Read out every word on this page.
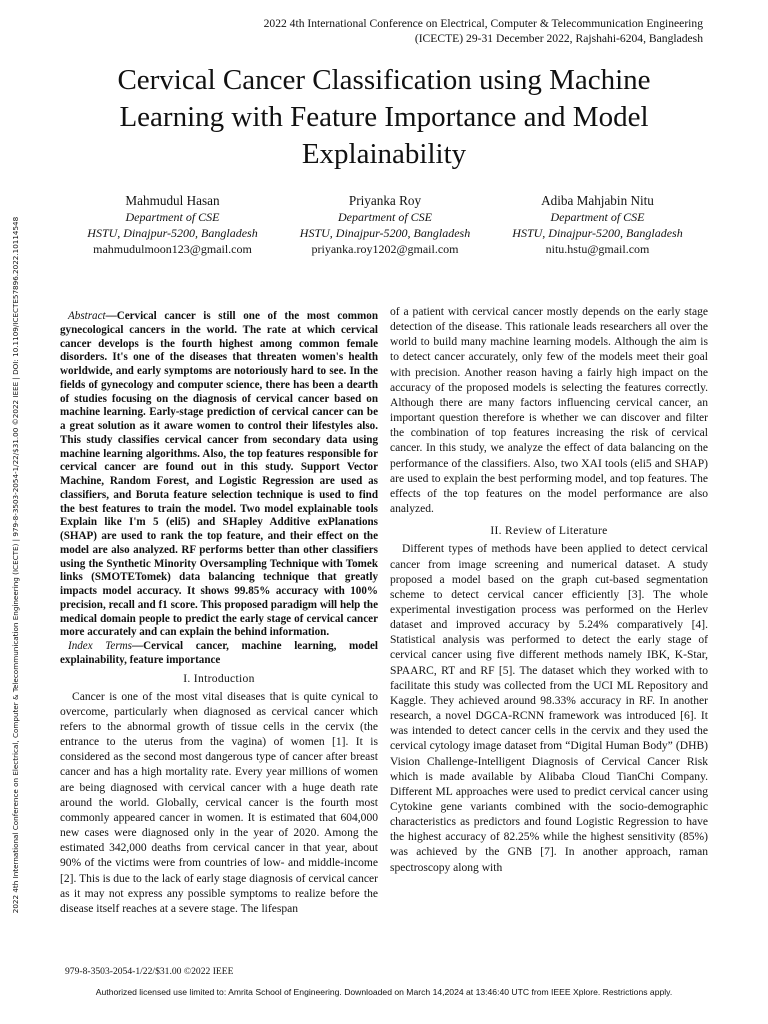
2022 4th International Conference on Electrical, Computer & Telecommunication Engineering
(ICECTE) 29-31 December 2022, Rajshahi-6204, Bangladesh
Cervical Cancer Classification using Machine Learning with Feature Importance and Model Explainability
Mahmudul Hasan
Department of CSE
HSTU, Dinajpur-5200, Bangladesh
mahmudulmoon123@gmail.com
Priyanka Roy
Department of CSE
HSTU, Dinajpur-5200, Bangladesh
priyanka.roy1202@gmail.com
Adiba Mahjabin Nitu
Department of CSE
HSTU, Dinajpur-5200, Bangladesh
nitu.hstu@gmail.com
2022 4th International Conference on Electrical, Computer & Telecommunication Engineering (ICECTE) | 979-8-3503-2054-1/22/$31.00 ©2022 IEEE | DOI: 10.1109/ICECTE57896.2022.10114548	Abstract—Cervical cancer is still one of the most common gynecological cancers in the world. The rate at which cervical cancer develops is the fourth highest among common female disorders. It's one of the diseases that threaten women's health worldwide, and early symptoms are notoriously hard to see. In the fields of gynecology and computer science, there has been a dearth of studies focusing on the diagnosis of cervical cancer based on machine learning. Early-stage prediction of cervical cancer can be a great solution as it aware women to control their lifestyles also. This study classifies cervical cancer from secondary data using machine learning algorithms. Also, the top features responsible for cervical cancer are found out in this study. Support Vector Machine, Random Forest, and Logistic Regression are used as classifiers, and Boruta feature selection technique is used to find the best features to train the model. Two model explainable tools Explain like I'm 5 (eli5) and SHapley Additive exPlanations (SHAP) are used to rank the top feature, and their effect on the model are also analyzed. RF performs better than other classifiers using the Synthetic Minority Oversampling Technique with Tomek links (SMOTETomek) data balancing technique that greatly impacts model accuracy. It shows 99.85% accuracy with 100% precision, recall and f1 score. This proposed paradigm will help the medical domain people to predict the early stage of cervical cancer more accurately and can explain the behind information.

Index Terms—Cervical cancer, machine learning, model explainability, feature importance

I. Introduction

Cancer is one of the most vital diseases that is quite cynical to overcome, particularly when diagnosed as cervical cancer which refers to the abnormal growth of tissue cells in the cervix (the entrance to the uterus from the vagina) of women [1]. It is considered as the second most dangerous type of cancer after breast cancer and has a high mortality rate. Every year millions of women are being diagnosed with cervical cancer with a huge death rate around the world. Globally, cervical cancer is the fourth most commonly appeared cancer in women. It is estimated that 604,000 new cases were diagnosed only in the year of 2020. Among the estimated 342,000 deaths from cervical cancer in that year, about 90% of the victims were from countries of low- and middle-income [2]. This is due to the lack of early stage diagnosis of cervical cancer as it may not express any possible symptoms to realize before the disease itself reaches at a severe stage. The lifespan

of a patient with cervical cancer mostly depends on the early stage detection of the disease. This rationale leads researchers all over the world to build many machine learning models. Although the aim is to detect cancer accurately, only few of the models meet their goal with precision. Another reason having a fairly high impact on the accuracy of the proposed models is selecting the features correctly. Although there are many factors influencing cervical cancer, an important question therefore is whether we can discover and filter the combination of top features increasing the risk of cervical cancer. In this study, we analyze the effect of data balancing on the performance of the classifiers. Also, two XAI tools (eli5 and SHAP) are used to explain the best performing model, and top features. The effects of the top features on the model performance are also analyzed.

II. Review of Literature

Different types of methods have been applied to detect cervical cancer from image screening and numerical dataset. A study proposed a model based on the graph cut-based segmentation scheme to detect cervical cancer efficiently [3]. The whole experimental investigation process was performed on the Herlev dataset and improved accuracy by 5.24% comparatively [4]. Statistical analysis was performed to detect the early stage of cervical cancer using five different methods namely IBK, K-Star, SPAARC, RT and RF [5]. The dataset which they worked with to facilitate this study was collected from the UCI ML Repository and Kaggle. They achieved around 98.33% accuracy in RF. In another research, a novel DGCA-RCNN framework was introduced [6]. It was intended to detect cancer cells in the cervix and they used the cervical cytology image dataset from “Digital Human Body” (DHB) Vision Challenge-Intelligent Diagnosis of Cervical Cancer Risk which is made available by Alibaba Cloud TianChi Company. Different ML approaches were used to predict cervical cancer using Cytokine gene variants combined with the socio-demographic characteristics as predictors and found Logistic Regression to have the highest accuracy of 82.25% while the highest sensitivity (85%) was achieved by the GNB [7]. In another approach, raman spectroscopy along with

979-8-3503-2054-1/22/$31.00 ©2022 IEEE
Authorized licensed use limited to: Amrita School of Engineering. Downloaded on March 14,2024 at 13:46:40 UTC from IEEE Xplore. Restrictions apply.
